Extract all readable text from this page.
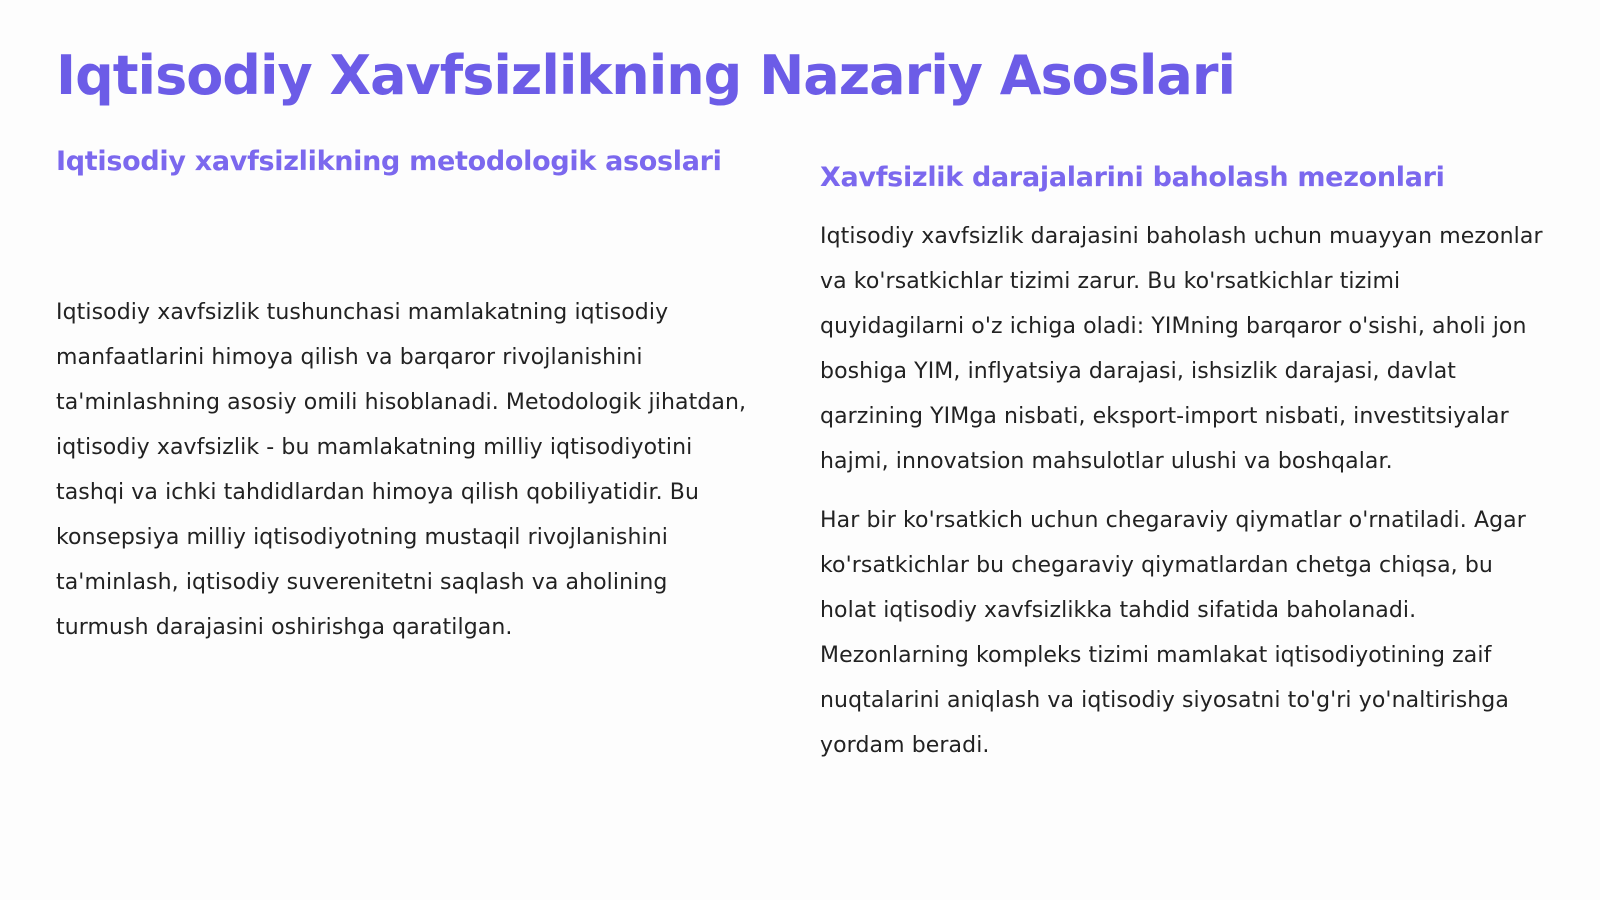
Iqtisodiy Xavfsizlikning Nazariy Asoslari
Iqtisodiy xavfsizlikning metodologik asoslari

Iqtisodiy xavfsizlik tushunchasi mamlakatning iqtisodiy manfaatlarini himoya qilish va barqaror rivojlanishini ta'minlashning asosiy omili hisoblanadi. Metodologik jihatdan, iqtisodiy xavfsizlik - bu mamlakatning milliy iqtisodiyotini tashqi va ichki tahdidlardan himoya qilish qobiliyatidir. Bu konsepsiya milliy iqtisodiyotning mustaqil rivojlanishini ta'minlash, iqtisodiy suverenitetni saqlash va aholining turmush darajasini oshirishga qaratilgan.

Xavfsizlik darajalarini baholash mezonlari

Iqtisodiy xavfsizlik darajasini baholash uchun muayyan mezonlar va ko'rsatkichlar tizimi zarur. Bu ko'rsatkichlar tizimi quyidagilarni o'z ichiga oladi: YIMning barqaror o'sishi, aholi jon boshiga YIM, inflyatsiya darajasi, ishsizlik darajasi, davlat qarzining YIMga nisbati, eksport-import nisbati, investitsiyalar hajmi, innovatsion mahsulotlar ulushi va boshqalar.

Har bir ko'rsatkich uchun chegaraviy qiymatlar o'rnatiladi. Agar ko'rsatkichlar bu chegaraviy qiymatlardan chetga chiqsa, bu holat iqtisodiy xavfsizlikka tahdid sifatida baholanadi. Mezonlarning kompleks tizimi mamlakat iqtisodiyotining zaif nuqtalarini aniqlash va iqtisodiy siyosatni to'g'ri yo'naltirishga yordam beradi.
